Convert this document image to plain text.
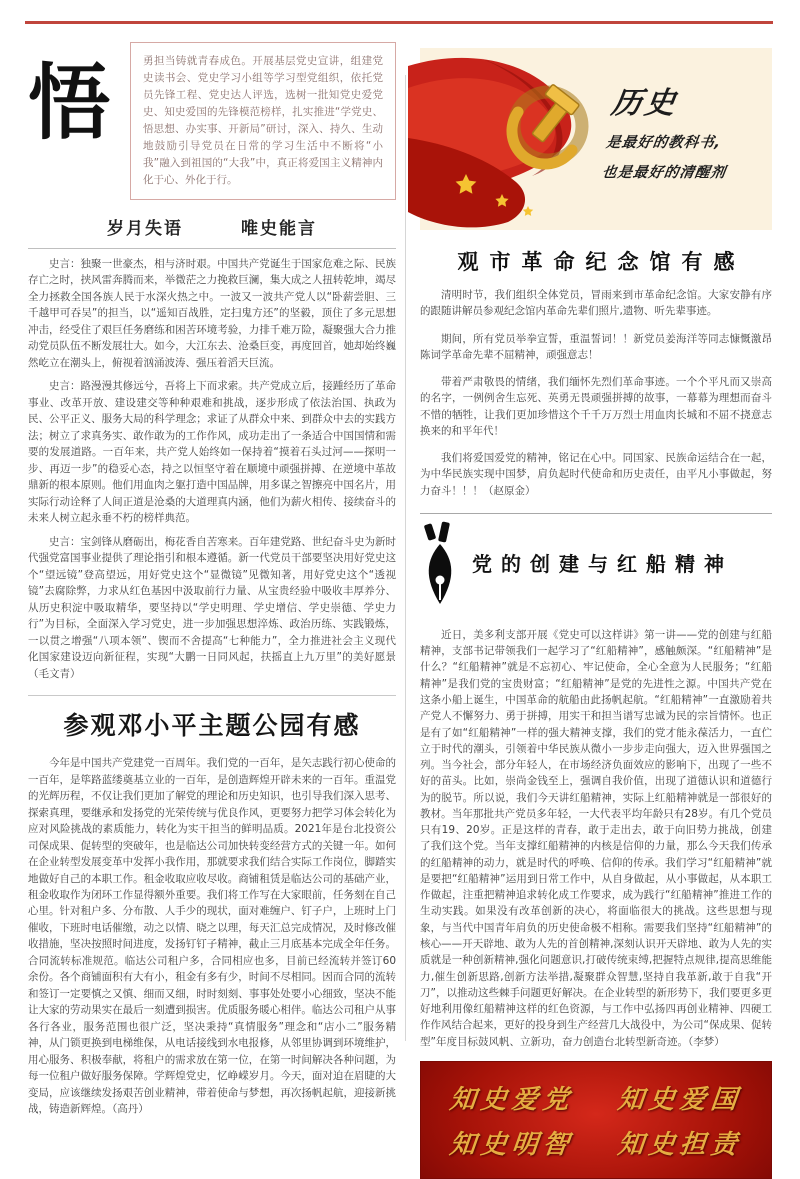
悟	勇担当铸就青春成色。开展基层党史宣讲，组建党史读书会、党史学习小组等学习型党组织，依托党员先锋工程、党史达人评选，选树一批知党史爱党史、知史爱国的先锋模范榜样，扎实推进“学党史、悟思想、办实事、开新局”研讨，深入、持久、生动地鼓励引导党员在日常的学习生活中不断将“小我”融入到祖国的“大我”中，真正将爱国主义精神内化于心、外化于行。
岁月失语	唯史能言

史言：独聚一世豪杰，相与济时艰。中国共产党诞生于国家危难之际、民族存亡之时，挟风雷奔腾而来，举微茫之力挽救巨澜，集大成之人扭转乾坤，竭尽全力拯救全国各族人民于水深火热之中。一波又一波共产党人以“卧薪尝胆、三千越甲可吞吴”的担当，以“遥知百战胜，定扫鬼方还”的坚毅，顶住了多元思想冲击，经受住了艰巨任务磨练和困苦环境考验，力排千难万险，凝聚强大合力推动党员队伍不断发展壮大。如今，大江东去、沧桑巨变，再度回首，她却始终巍然屹立在潮头上，俯视着汹涌波涛、强压着滔天巨流。

史言：路漫漫其修远兮，吾将上下而求索。共产党成立后，接踵经历了革命事业、改革开放、建设建交等种种艰难和挑战，逐步形成了依法治国、执政为民、公平正义、服务大局的科学理念；求证了从群众中来、到群众中去的实践方法；树立了求真务实、敢作敢为的工作作风，成功走出了一条适合中国国情和需要的发展道路。一百年来，共产党人始终如一保持着“摸着石头过河——探明一步、再迈一步”的稳妥心态，持之以恒坚守着在顺境中顽强拼搏、在逆境中革故鼎新的根本原则。他们用血肉之躯打造中国品牌，用多谋之智擦亮中国名片，用实际行动诠释了人间正道是沧桑的大道理真内涵，他们为薪火相传、接续奋斗的未来人树立起永垂不朽的榜样典范。

史言：宝剑锋从磨砺出，梅花香自苦寒来。百年建党路、世纪奋斗史为新时代强党富国事业提供了理论指引和根本遵循。新一代党员干部要坚决用好党史这个“望远镜”登高望远，用好党史这个“显微镜”见微知著，用好党史这个“透视镜”去腐除弊，力求从红色基因中汲取前行力量、从宝贵经验中吸收丰厚养分、从历史积淀中吸取精华，要坚持以“学史明理、学史增信、学史崇德、学史力行”为目标，全面深入学习党史，进一步加强思想淬炼、政治历练、实践锻炼，一以贯之增强“八项本领”、锲而不舍提高“七种能力”，全力推进社会主义现代化国家建设迈向新征程，实现“大鹏一日同风起，扶摇直上九万里”的美好愿景（毛文青）

参观邓小平主题公园有感

今年是中国共产党建党一百周年。我们党的一百年，是矢志践行初心使命的一百年，是筚路蓝缕奠基立业的一百年，是创造辉煌开辟未来的一百年。重温党的光辉历程，不仅让我们更加了解党的理论和历史知识，也引导我们深入思考、探索真理，要继承和发扬党的光荣传统与优良作风，更要努力把学习体会转化为应对风险挑战的素质能力，转化为实干担当的鲜明品质。2021年是台北投资公司保成果、促转型的突破年，也是临达公司加快转变经营方式的关键一年。如何在企业转型发展变革中发挥小我作用，那就要求我们结合实际工作岗位，脚踏实地做好自己的本职工作。租金收取应收尽收。商铺租赁是临达公司的基础产业，租金收取作为闭环工作显得额外重要。我们将工作写在大家眼前，任务刻在自己心里。针对租户多、分布散、人手少的现状，面对难缠户、钉子户，上班时上门催收，下班时电话催缴，动之以情、晓之以理，每天汇总完成情况，及时修改催收措施，坚决按照时间进度，发扬钉钉子精神，截止三月底基本完成全年任务。合同流转标准规范。临达公司租户多，合同相应也多，目前已经流转并签订60余份。各个商铺面积有大有小，租金有多有少，时间不尽相同。因而合同的流转和签订一定要慎之又慎、细而又细，时时刻刻、事事处处要小心细致，坚决不能让大家的劳动果实在最后一刻遭到损害。优质服务暖心相伴。临达公司租户从事各行各业，服务范围也很广泛，坚决秉持“真情服务”理念和“店小二”服务精神，从门锁更换到电梯维保，从电话接线到水电报修，从邻里协调到环境维护，用心服务、积极奉献，将租户的需求放在第一位，在第一时间解决各种问题，为每一位租户做好服务保障。学辉煌党史，忆峥嵘岁月。今天，面对迫在眉睫的大变局，应该继续发扬艰苦创业精神，带着使命与梦想，再次扬帆起航，迎接新挑战，铸造新辉煌。（高丹）

历史
是最好的教科书,
也是最好的清醒剂
观市革命纪念馆有感

清明时节，我们组织全体党员，冒雨来到市革命纪念馆。大家安静有序的跟随讲解员参观纪念馆内革命先辈们照片,遗物、听先辈事迹。

期间，所有党员举拳宣誓，重温誓词！！新党员姜海洋等同志慷慨激昂陈词学革命先辈不屈精神，顽强意志！

带着严肃敬畏的情绪，我们缅怀先烈们革命事迹。一个个平凡而又崇高的名字，一例例舍生忘死、英勇无畏顽强拼搏的故事，一幕幕为理想而奋斗不惜的牺牲，让我们更加珍惜这个千千万万烈士用血肉长城和不屈不挠意志换来的和平年代！

我们将爱国爱党的精神，铭记在心中。同国家、民族命运结合在一起，为中华民族实现中国梦，肩负起时代使命和历史责任，由平凡小事做起，努力奋斗！！！（赵原金）

党的创建与红船精神

近日，美多利支部开展《党史可以这样讲》第一讲——党的创建与红船精神，支部书记带领我们一起学习了“红船精神”，感触颇深。“红船精神”是什么？“红船精神”就是不忘初心、牢记使命，全心全意为人民服务；“红船精神”是我们党的宝贵财富；“红船精神”是党的先进性之源。中国共产党在这条小船上诞生，中国革命的航船由此扬帆起航。“红船精神”一直激励着共产党人不懈努力、勇于拼搏，用实干和担当谱写忠诚为民的宗旨情怀。也正是有了如“红船精神”一样的强大精神支撑，我们的党才能永葆活力，一直伫立于时代的潮头，引领着中华民族从微小一步步走向强大，迈入世界强国之列。当今社会，部分年轻人，在市场经济负面效应的影响下，出现了一些不好的苗头。比如，崇尚金钱至上，强调自我价值，出现了道德认识和道德行为的脱节。所以说，我们今天讲红船精神，实际上红船精神就是一部很好的教材。当年那批共产党员多年轻，一大代表平均年龄只有28岁。有几个党员只有19、20岁。正是这样的青春，敢于走出去，敢于向旧势力挑战，创建了我们这个党。当年支撑红船精神的内核是信仰的力量，那么今天我们传承的红船精神的动力，就是时代的呼唤、信仰的传承。我们学习“红船精神”就是要把“红船精神”运用到日常工作中，从自身做起，从小事做起，从本职工作做起，注重把精神追求转化成工作要求，成为践行“红船精神”推进工作的生动实践。如果没有改革创新的决心，将面临很大的挑战。这些思想与现象，与当代中国青年肩负的历史使命极不相称。需要我们坚持“红船精神”的核心——开天辟地、敢为人先的首创精神,深刻认识开天辟地、敢为人先的实质就是一种创新精神,强化问题意识,打破传统束缚,把握特点规律,提高思维能力,催生创新思路,创新方法举措,凝聚群众智慧,坚持自我革新,敢于自我“开刀”，以推动这些棘手问题更好解决。在企业转型的新形势下，我们要更多更好地利用像红船精神这样的红色资源，与工作中弘扬四再创业精神、四硬工作作风结合起来，更好的投身到生产经营几大战役中，为公司“保成果、促转型”年度目标鼓风帆、立新功，奋力创造台北转型新奇迹。（李梦）

知史爱党 知史爱国
知史明智 知史担责
